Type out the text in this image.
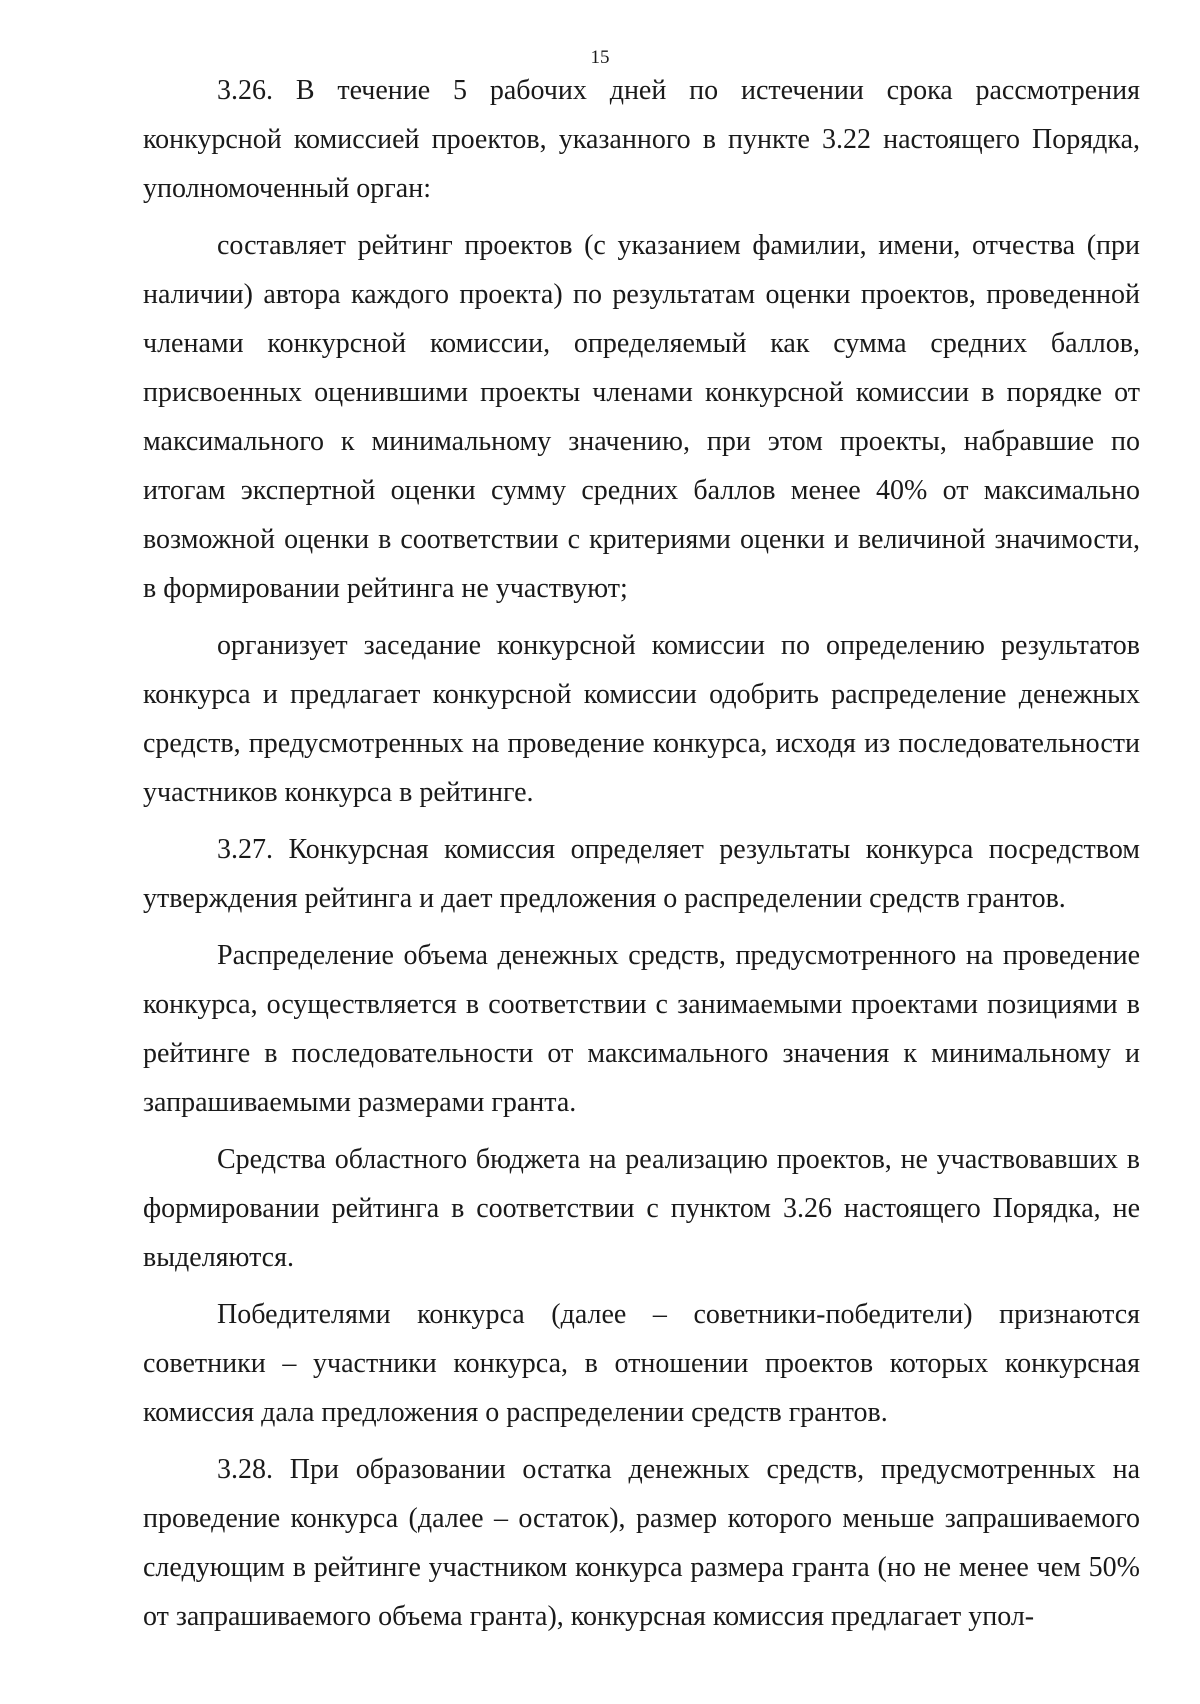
15

3.26. В течение 5 рабочих дней по истечении срока рассмотрения конкурсной комиссией проектов, указанного в пункте 3.22 настоящего Порядка, уполномоченный орган:

составляет рейтинг проектов (с указанием фамилии, имени, отчества (при наличии) автора каждого проекта) по результатам оценки проектов, проведенной членами конкурсной комиссии, определяемый как сумма средних баллов, присвоенных оценившими проекты членами конкурсной комиссии в порядке от максимального к минимальному значению, при этом проекты, набравшие по итогам экспертной оценки сумму средних баллов менее 40% от максимально возможной оценки в соответствии с критериями оценки и величиной значимости, в формировании рейтинга не участвуют;

организует заседание конкурсной комиссии по определению результатов конкурса и предлагает конкурсной комиссии одобрить распределение денежных средств, предусмотренных на проведение конкурса, исходя из последовательности участников конкурса в рейтинге.

3.27. Конкурсная комиссия определяет результаты конкурса посредством утверждения рейтинга и дает предложения о распределении средств грантов.

Распределение объема денежных средств, предусмотренного на проведение конкурса, осуществляется в соответствии с занимаемыми проектами позициями в рейтинге в последовательности от максимального значения к минимальному и запрашиваемыми размерами гранта.

Средства областного бюджета на реализацию проектов, не участвовавших в формировании рейтинга в соответствии с пунктом 3.26 настоящего Порядка, не выделяются.

Победителями конкурса (далее – советники-победители) признаются советники – участники конкурса, в отношении проектов которых конкурсная комиссия дала предложения о распределении средств грантов.

3.28. При образовании остатка денежных средств, предусмотренных на проведение конкурса (далее – остаток), размер которого меньше запрашиваемого следующим в рейтинге участником конкурса размера гранта (но не менее чем 50% от запрашиваемого объема гранта), конкурсная комиссия предлагает упол-
